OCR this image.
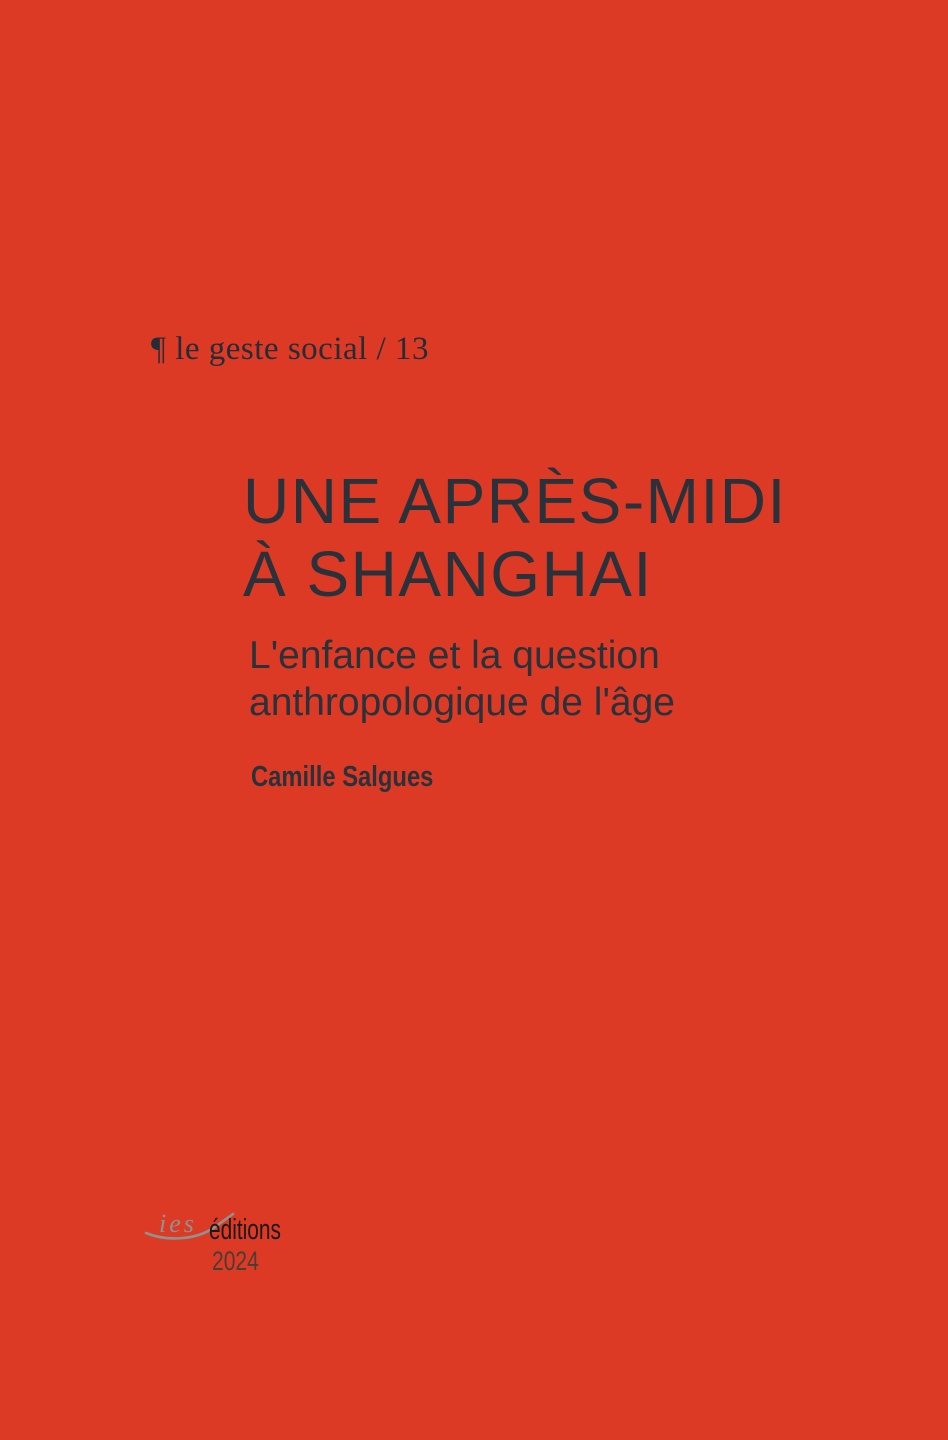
¶ le geste social / 13
UNE APRÈS-MIDI
À SHANGHAI
L'enfance et la question
anthropologique de l'âge
Camille Salgues
ies éditions
2024
